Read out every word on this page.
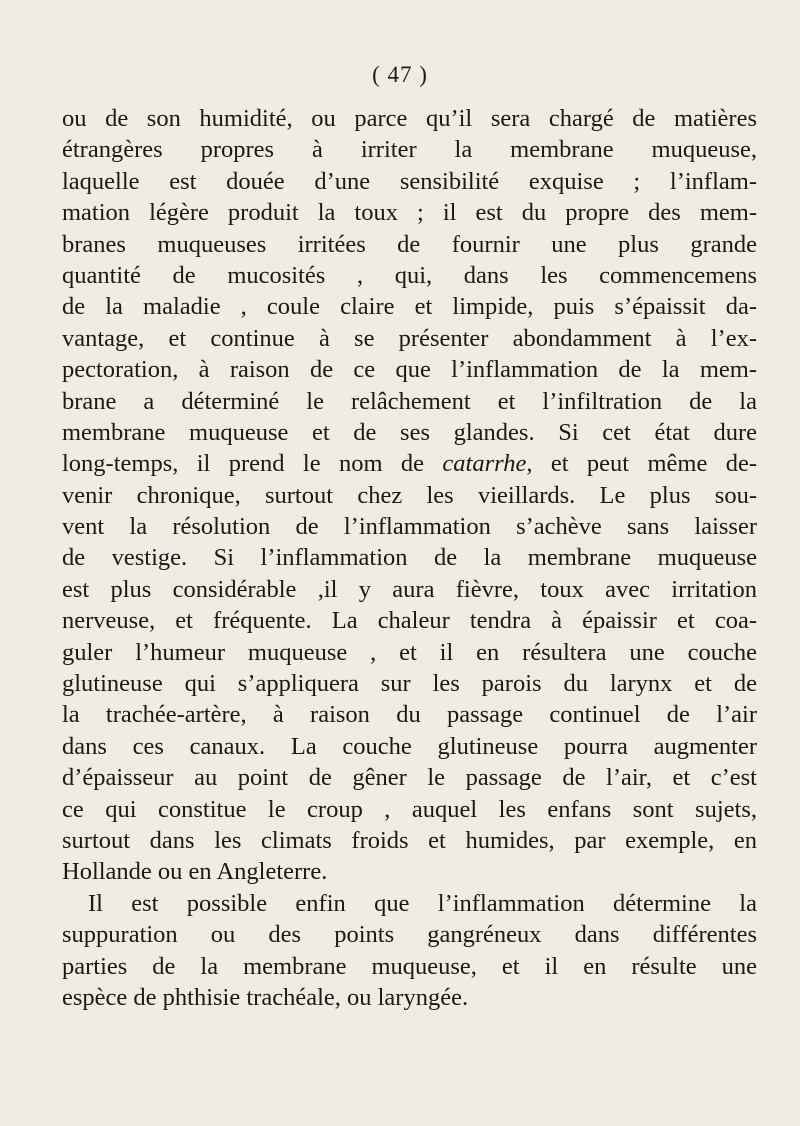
( 47 )
ou de son humidité, ou parce qu’il sera chargé de matières
étrangères propres à irriter la membrane muqueuse,
laquelle est douée d’une sensibilité exquise ; l’inflam-
mation légère produit la toux ; il est du propre des mem-
branes muqueuses irritées de fournir une plus grande
quantité de mucosités , qui, dans les commencemens
de la maladie , coule claire et limpide, puis s’épaissit da-
vantage, et continue à se présenter abondamment à l’ex-
pectoration, à raison de ce que l’inflammation de la mem-
brane a déterminé le relâchement et l’infiltration de la
membrane muqueuse et de ses glandes. Si cet état dure
long-temps, il prend le nom de catarrhe, et peut même de-
venir chronique, surtout chez les vieillards. Le plus sou-
vent la résolution de l’inflammation s’achève sans laisser
de vestige. Si l’inflammation de la membrane muqueuse
est plus considérable ,il y aura fièvre, toux avec irritation
nerveuse, et fréquente. La chaleur tendra à épaissir et coa-
guler l’humeur muqueuse , et il en résultera une couche
glutineuse qui s’appliquera sur les parois du larynx et de
la trachée-artère, à raison du passage continuel de l’air
dans ces canaux. La couche glutineuse pourra augmenter
d’épaisseur au point de gêner le passage de l’air, et c’est
ce qui constitue le croup , auquel les enfans sont sujets,
surtout dans les climats froids et humides, par exemple, en
Hollande ou en Angleterre.
Il est possible enfin que l’inflammation détermine la
suppuration ou des points gangréneux dans différentes
parties de la membrane muqueuse, et il en résulte une
espèce de phthisie trachéale, ou laryngée.
